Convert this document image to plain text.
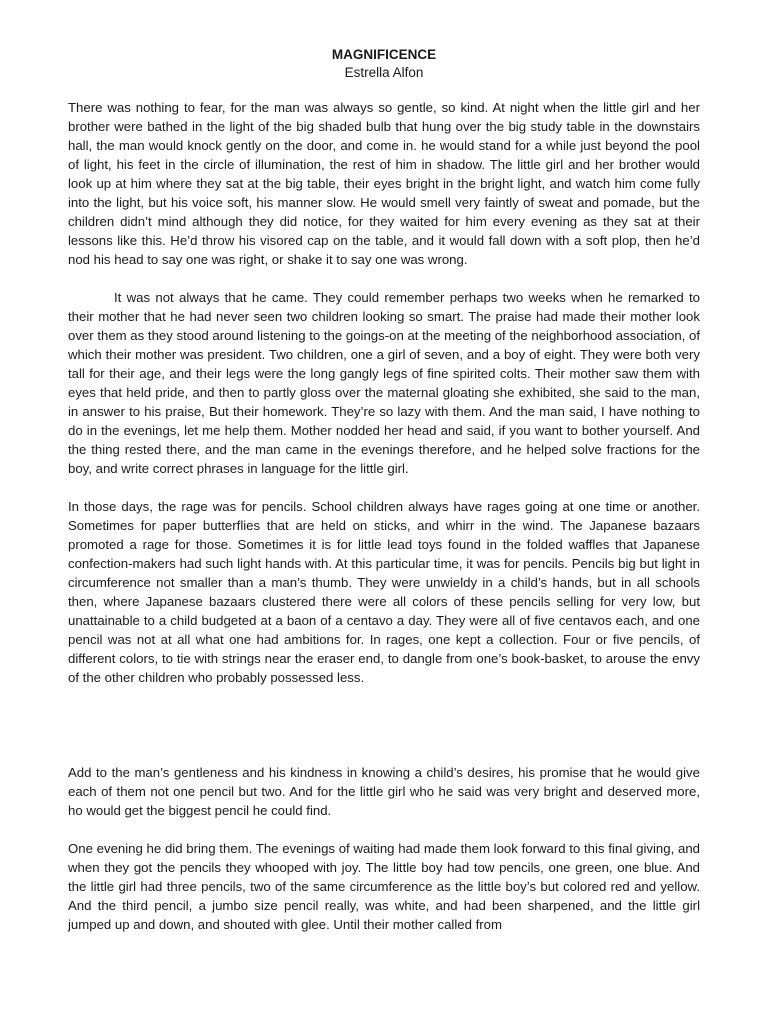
MAGNIFICENCE

Estrella Alfon

There was nothing to fear, for the man was always so gentle, so kind. At night when the little girl and her brother were bathed in the light of the big shaded bulb that hung over the big study table in the downstairs hall, the man would knock gently on the door, and come in. he would stand for a while just beyond the pool of light, his feet in the circle of illumination, the rest of him in shadow. The little girl and her brother would look up at him where they sat at the big table, their eyes bright in the bright light, and watch him come fully into the light, but his voice soft, his manner slow. He would smell very faintly of sweat and pomade, but the children didn’t mind although they did notice, for they waited for him every evening as they sat at their lessons like this. He’d throw his visored cap on the table, and it would fall down with a soft plop, then he’d nod his head to say one was right, or shake it to say one was wrong.

It was not always that he came. They could remember perhaps two weeks when he remarked to their mother that he had never seen two children looking so smart. The praise had made their mother look over them as they stood around listening to the goings-on at the meeting of the neighborhood association, of which their mother was president. Two children, one a girl of seven, and a boy of eight. They were both very tall for their age, and their legs were the long gangly legs of fine spirited colts. Their mother saw them with eyes that held pride, and then to partly gloss over the maternal gloating she exhibited, she said to the man, in answer to his praise, But their homework. They’re so lazy with them. And the man said, I have nothing to do in the evenings, let me help them. Mother nodded her head and said, if you want to bother yourself. And the thing rested there, and the man came in the evenings therefore, and he helped solve fractions for the boy, and write correct phrases in language for the little girl.

In those days, the rage was for pencils. School children always have rages going at one time or another. Sometimes for paper butterflies that are held on sticks, and whirr in the wind. The Japanese bazaars promoted a rage for those. Sometimes it is for little lead toys found in the folded waffles that Japanese confection-makers had such light hands with. At this particular time, it was for pencils. Pencils big but light in circumference not smaller than a man’s thumb. They were unwieldy in a child’s hands, but in all schools then, where Japanese bazaars clustered there were all colors of these pencils selling for very low, but unattainable to a child budgeted at a baon of a centavo a day. They were all of five centavos each, and one pencil was not at all what one had ambitions for. In rages, one kept a collection. Four or five pencils, of different colors, to tie with strings near the eraser end, to dangle from one’s book-basket, to arouse the envy of the other children who probably possessed less.

Add to the man’s gentleness and his kindness in knowing a child’s desires, his promise that he would give each of them not one pencil but two. And for the little girl who he said was very bright and deserved more, ho would get the biggest pencil he could find.

One evening he did bring them. The evenings of waiting had made them look forward to this final giving, and when they got the pencils they whooped with joy. The little boy had tow pencils, one green, one blue. And the little girl had three pencils, two of the same circumference as the little boy’s but colored red and yellow. And the third pencil, a jumbo size pencil really, was white, and had been sharpened, and the little girl jumped up and down, and shouted with glee. Until their mother called from
